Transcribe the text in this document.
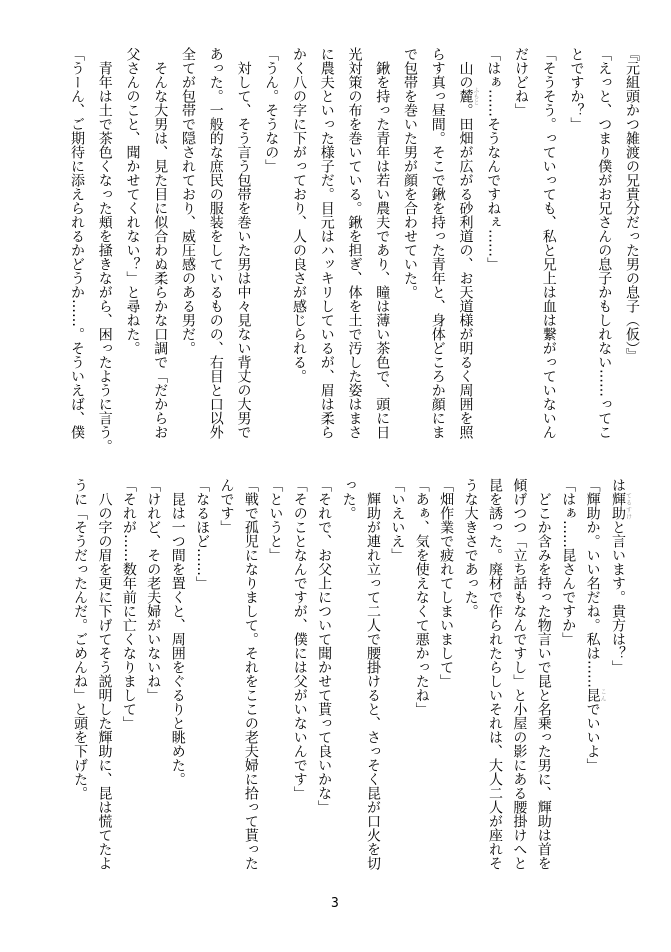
『元組頭かつ雑渡の兄貴分だった男の息子（仮）』
「えっと、つまり僕がお兄さんの息子かもしれない……ってこ
とですか？」
「そうそう。っていっても、私と兄上は血は繋がっていないん
だけどね」
「はぁ……そうなんですねぇ……」
　山の麓ふもと。田畑が広がる砂利道の、お天道様が明るく周囲を照
らす真っ昼間。そこで鍬を持った青年と、身体どころか顔にま
で包帯を巻いた男が顔を合わせていた。
　鍬を持った青年は若い農夫であり、瞳は薄い茶色で、頭に日
光対策の布を巻いている。鍬を担ぎ、体を土で汚した姿はまさ
に農夫といった様子だ。目元はハッキリしているが、眉は柔ら
かく八の字に下がっており、人の良さが感じられる。
「うん。そうなの」
　対して、そう言う包帯を巻いた男は中々見ない背丈の大男で
あった。一般的な庶民の服装をしているものの、右目と口以外
全てが包帯で隠されており、威圧感のある男だ。
　そんな大男は、見た目に似合わぬ柔らかな口調で「だからお
父さんのこと、聞かせてくれない？」と尋ねた。
　青年は土で茶色くなった頬を掻きながら、困ったように言う。
「うーん、ご期待に添えられるかどうか……。そういえば、僕
は輝助てるすけと言います。貴方は？」
「輝助か。いい名だね。私は……昆こんでいいよ」
「はぁ……昆さんですか」
　どこか含みを持った物言いで昆と名乗った男に、輝助は首を
傾げつつ「立ち話もなんですし」と小屋の影にある腰掛けへと
昆を誘った。廃材で作られたらしいそれは、大人二人が座れそ
うな大きさであった。
「畑作業で疲れてしまいまして」
「あぁ、気を使えなくて悪かったね」
「いえいえ」
　輝助が連れ立って二人で腰掛けると、さっそく昆が口火を切
った。
「それで、お父上について聞かせて貰って良いかな」
「そのことなんですが、僕には父がいないんです」
「というと」
「戦で孤児になりまして。それをここの老夫婦に拾って貰った
んです」
「なるほど……」
　昆は一つ間を置くと、周囲をぐるりと眺めた。
「けれど、その老夫婦がいないね」
「それが……数年前に亡くなりまして」
　八の字の眉を更に下げてそう説明した輝助に、昆は慌てたよ
うに「そうだったんだ。ごめんね」と頭を下げた。
3
